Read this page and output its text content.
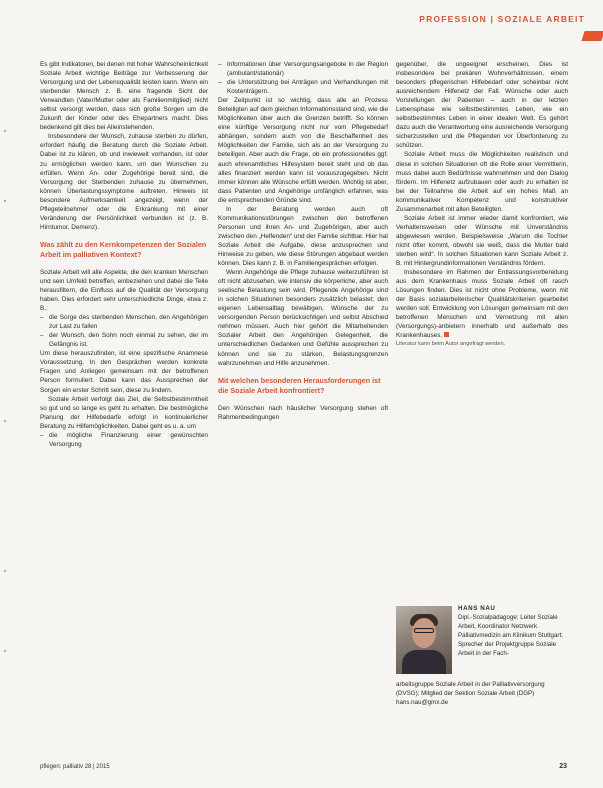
PROFESSION | SOZIALE ARBEIT

Es gibt Indikatoren, bei denen mit hoher Wahrscheinlichkeit Soziale Arbeit wichtige Beiträge zur Verbesserung der Versorgung und der Lebensqualität leisten kann. Wenn ein sterbender Mensch z. B. eine fragende Sicht der Verwandten (Vater/Mutter oder als Familienmitglied) nicht selbst versorgt werden, dass sich große Sorgen um die Zukunft der Kinder oder des Ehepartners macht. Dies bedenkend gilt dies bei Alleinstehenden.

Insbesondere der Wunsch, zuhause sterben zu dürfen, erfordert häufig die Beratung durch die Soziale Arbeit. Dabei ist zu klären, ob und inwieweit vorhanden, ist oder zu ermöglichen werden kann, um den Wunschen zu erfüllen. Wenn An- oder Zugehörige bereit sind, die Versorgung der Sterbenden zuhause zu übernehmen, können Überlastungssymptome auftreten. Hinweis ist besondere Aufmerksamkeit angezeigt, wenn der Pflegeteilnehmer oder die Erkrankung mit einer Veränderung der Persönlichkeit verbunden ist (z. B. Hirntumor, Demenz).

Was zählt zu den Kernkompetenzen der Sozialen Arbeit im palliativen Kontext?

Soziale Arbeit will alle Aspekte, die den kranken Menschen und sein Umfeld betreffen, einbeziehen und dabei die Teile herausfiltern, die Einfluss auf die Qualität der Versorgung haben. Dies erfordert sehr unterschiedliche Dinge, etwa z. B.:

– die Sorge des sterbenden Menschen, den Angehörigen zur Last zu fallen
– der Wunsch, den Sohn noch einmal zu sehen, der im Gefängnis ist.

Um diese herauszufinden, ist eine spezifische Anamnese Voraussetzung. In den Gesprächen werden konkrete Fragen und Anliegen gemeinsam mit der betroffenen Person formuliert. Dabei kann das Aussprechen der Sorgen ein erster Schritt sein, diese zu lindern.

Soziale Arbeit verfolgt das Ziel, die Selbstbestimmtheit so gut und so lange es geht zu erhalten. Die bestmögliche Planung der Hilfebedarfe erfolgt in kontinuierlicher Beratung zu Hilfemöglichkeiten. Dabei geht es u. a. um

– die mögliche Finanzierung einer gewünschten Versorgung
– Informationen über Versorgungsangebote in der Region (ambulant/stationär)
– die Unterstützung bei Anträgen und Verhandlungen mit Kostenträgern.

Der Zeitpunkt ist so wichtig, dass alle an Prozess Beteiligten auf dem gleichen Informationsstand sind, wie die Möglichkeiten über auch die Grenzen betrifft. So können eine künftige Versorgung nicht nur vom Pflegebedarf abhängen, sondern auch von die Beschaffenheit des Möglichkeiten der Familie, sich als an der Versorgung zu beteiligen. Aber auch die Frage, ob ein professionelles ggf. auch ehrenamtliches Hilfesystem bereit steht und ob das alles finanziert werden kann ist vorauszugegeben. Nicht immer können alle Wünsche erfüllt werden. Wichtig ist aber, dass Patienten und Angehörige umfänglich erfahren, was die entsprechenden Gründe sind.

In der Beratung werden auch oft Kommunikationsstörungen zwischen den betroffenen Personen und ihren An- und Zugehörigen, aber auch zwischen den „Helfenden“ und der Familie sichtbar. Hier hat Soziale Arbeit die Aufgabe, diese anzusprechen und Hinweise zu geben, wie diese Störungen abgebaut werden können. Dies kann z. B. in Familiengesprächen erfolgen.

Wenn Angehörige die Pflege zuhause weiterzuführen ist oft nicht abzusehen, wie intensiv die körperliche, aber auch seelische Belastung sein wird. Pflegende Angehörige sind in solchen Situationen besonders zusätzlich belastet: den eigenen Lebensalltag bewältigen, Wünsche der zu versorgenden Person berücksichtigen und selbst Abschied nehmen müssen. Auch hier gehört die Mitarbeitenden Sozialer Arbeit den Angehörigen Gelegenheit, die unterschiedlichen Gedanken und Gefühle aussprechen zu können und sie zu stärken, Belastungsgrenzen wahrzunehmen und Hilfe anzunehmen.

Mit welchen besonderen Herausforderungen ist die Soziale Arbeit konfrontiert?

Den Wünschen nach häuslicher Versorgung stehen oft Rahmenbedingungen

gegenüber, die ungeeignet erscheinen. Dies ist insbesondere bei prekären Wohnverhältnissen, einem besonders pflegerischen Hilfebedarf oder scheinbar nicht ausreichendem Hilfenetz der Fall. Wünsche oder auch Vorstellungen der Patienten – auch in der letzten Lebensphase wie selbstbestimmtes Leben, wie ein selbstbestimmtes Leben in einer idealen Welt. Es gehört dazu auch die Verantwortung eine ausreichende Versorgung sicherzustellen und die Pflegenden vor Überforderung zu schützen.

Soziale Arbeit muss die Möglichkeiten realistisch und diese in solchen Situationen oft die Rolle einer Vermittlerin, muss dabei auch Bedürfnisse wahrnehmen und den Dialog fördern. Im Hilfenetz aufzubauen oder auch zu erhalten ist bei der Teilnahme die Arbeit auf ein hohes Maß an kommunikativer Kompetenz und konstruktiver Zusammenarbeit mit allen Beteiligten.

Soziale Arbeit ist immer wieder damit konfrontiert, wie Verhaltensweisen oder Wünsche mit Unverständnis abgewiesen werden. Beispielsweise „Warum die Tochter nicht öfter kommt, obwohl sie weiß, dass die Mutter bald sterben wird“. In solchen Situationen kann Soziale Arbeit z. B. mit Hintergrundinformationen Verständnis fördern.

Insbesondere im Rahmen der Entlassungsvorbereitung aus dem Krankenhaus muss Soziale Arbeit oft rasch Lösungen finden. Dies ist nicht ohne Probleme, wenn mit der Basis sozialarbeiterischer Qualitätskriterien gearbeitet werden soll. Entwicklung von Lösungen gemeinsam mit den betroffenen Menschen und Vernetzung mit allen (Versorgungs)-anbietern innerhalb und außerhalb des Krankenhauses.

Literatur kann beim Autor angefragt werden.

HANS NAU
Dipl.-Sozialpädagoge; Leiter Soziale Arbeit, Koordinator Netzwerk Palliativmedizin am Klinikum Stuttgart; Sprecher der Projektgruppe Soziale Arbeit in der Fach-
arbeitsgruppe Soziale Arbeit in der Palliativversorgung (DVSG); Mitglied der Sektion Soziale Arbeit (DGP)
hans.nau@gmx.de
pflegen: palliativ 28 | 2015	23
